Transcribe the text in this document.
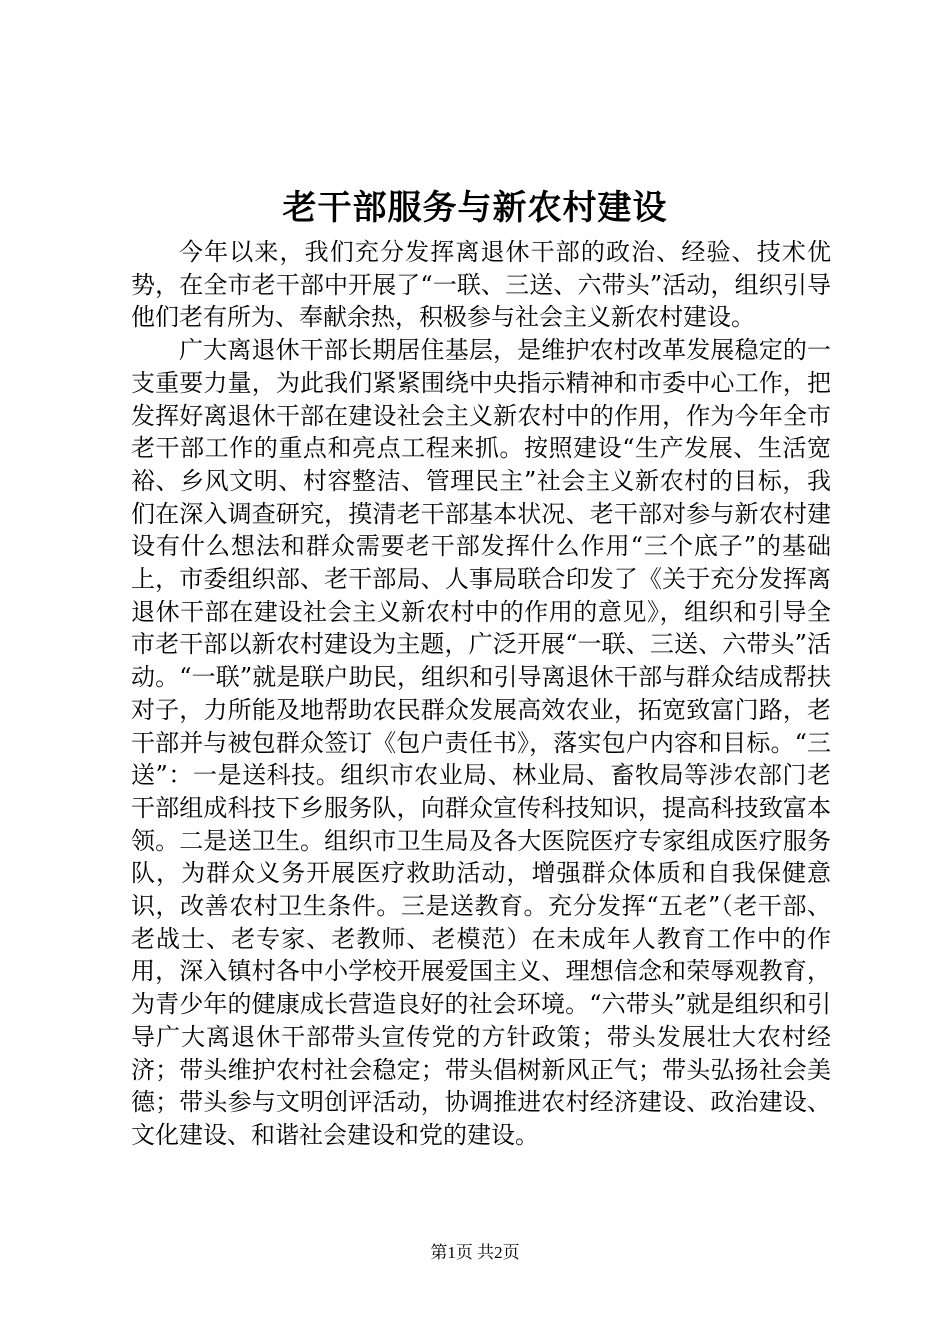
老干部服务与新农村建设

今年以来，我们充分发挥离退休干部的政治、经验、技术优势，在全市老干部中开展了“一联、三送、六带头”活动，组织引导他们老有所为、奉献余热，积极参与社会主义新农村建设。

广大离退休干部长期居住基层，是维护农村改革发展稳定的一支重要力量，为此我们紧紧围绕中央指示精神和市委中心工作，把发挥好离退休干部在建设社会主义新农村中的作用，作为今年全市老干部工作的重点和亮点工程来抓。按照建设“生产发展、生活宽裕、乡风文明、村容整洁、管理民主”社会主义新农村的目标，我们在深入调查研究，摸清老干部基本状况、老干部对参与新农村建设有什么想法和群众需要老干部发挥什么作用“三个底子”的基础上，市委组织部、老干部局、人事局联合印发了《关于充分发挥离退休干部在建设社会主义新农村中的作用的意见》，组织和引导全市老干部以新农村建设为主题，广泛开展“一联、三送、六带头”活动。“一联”就是联户助民，组织和引导离退休干部与群众结成帮扶对子，力所能及地帮助农民群众发展高效农业，拓宽致富门路，老干部并与被包群众签订《包户责任书》，落实包户内容和目标。“三送”：一是送科技。组织市农业局、林业局、畜牧局等涉农部门老干部组成科技下乡服务队，向群众宣传科技知识，提高科技致富本领。二是送卫生。组织市卫生局及各大医院医疗专家组成医疗服务队，为群众义务开展医疗救助活动，增强群众体质和自我保健意识，改善农村卫生条件。三是送教育。充分发挥“五老”（老干部、老战士、老专家、老教师、老模范）在未成年人教育工作中的作用，深入镇村各中小学校开展爱国主义、理想信念和荣辱观教育，为青少年的健康成长营造良好的社会环境。“六带头”就是组织和引导广大离退休干部带头宣传党的方针政策；带头发展壮大农村经济；带头维护农村社会稳定；带头倡树新风正气；带头弘扬社会美德；带头参与文明创评活动，协调推进农村经济建设、政治建设、文化建设、和谐社会建设和党的建设。

第1页 共2页
